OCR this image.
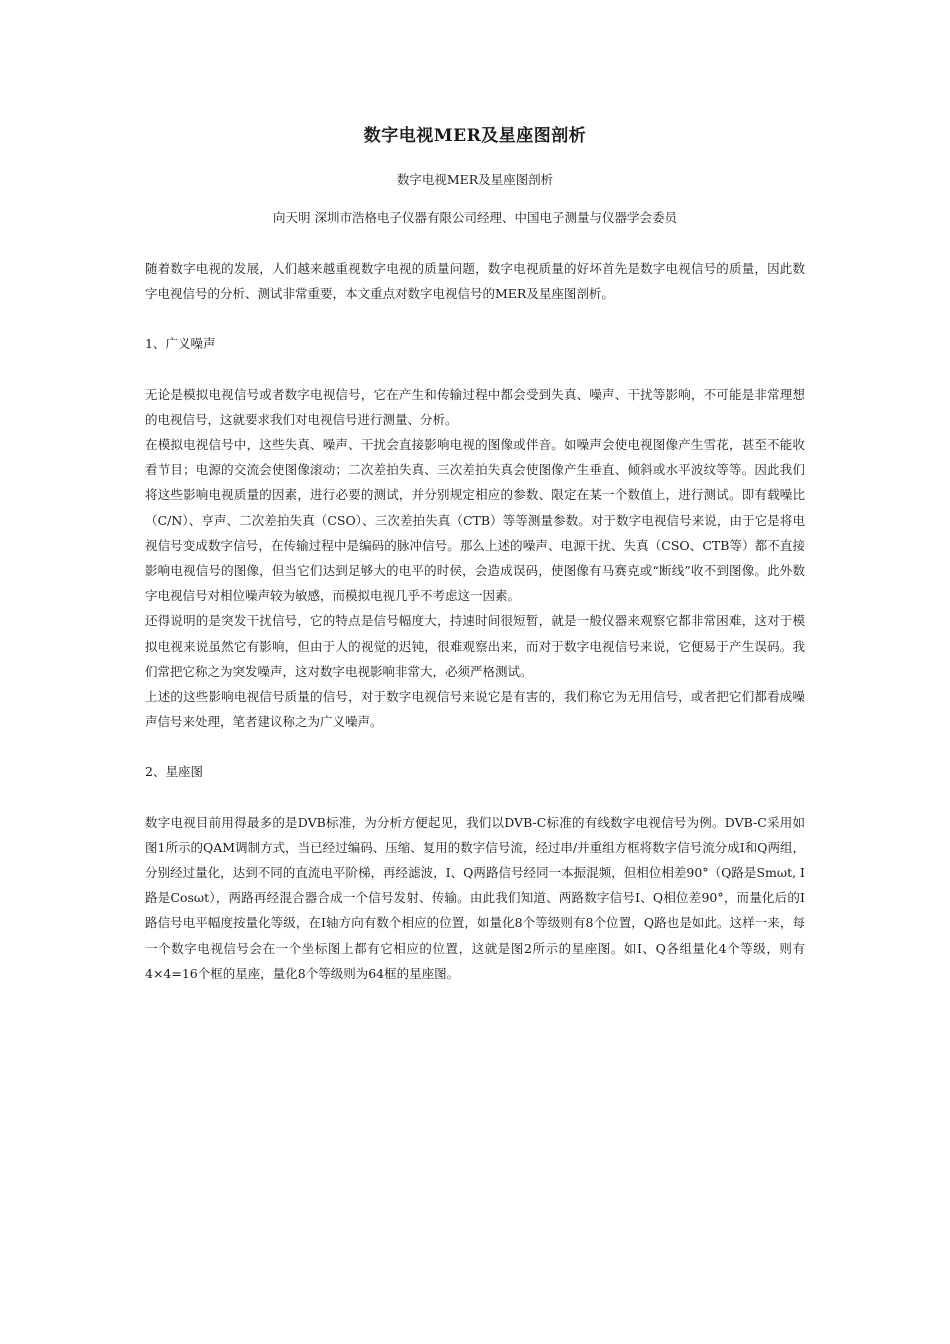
数字电视MER及星座图剖析

数字电视MER及星座图剖析

向天明 深圳市浩格电子仪器有限公司经理、中国电子测量与仪器学会委员

随着数字电视的发展，人们越来越重视数字电视的质量问题，数字电视质量的好坏首先是数字电视信号的质量，因此数字电视信号的分析、测试非常重要，本文重点对数字电视信号的MER及星座图剖析。

1、广义噪声

无论是模拟电视信号或者数字电视信号，它在产生和传输过程中都会受到失真、噪声、干扰等影响，不可能是非常理想的电视信号，这就要求我们对电视信号进行测量、分析。

在模拟电视信号中，这些失真、噪声、干扰会直接影响电视的图像或伴音。如噪声会使电视图像产生雪花，甚至不能收看节目；电源的交流会使图像滚动；二次差拍失真、三次差拍失真会使图像产生垂直、倾斜或水平波纹等等。因此我们将这些影响电视质量的因素，进行必要的测试，并分别规定相应的参数、限定在某一个数值上，进行测试。即有载噪比（C/N）、亨声、二次差拍失真（CSO）、三次差拍失真（CTB）等等测量参数。对于数字电视信号来说，由于它是将电视信号变成数字信号，在传输过程中是编码的脉冲信号。那么上述的噪声、电源干扰、失真（CSO、CTB等）都不直接影响电视信号的图像，但当它们达到足够大的电平的时侯，会造成误码，使图像有马赛克或“断线”收不到图像。此外数字电视信号对相位噪声较为敏感，而模拟电视几乎不考虑这一因素。

还得说明的是突发干扰信号，它的特点是信号幅度大，持速时间很短暂，就是一般仪器来观察它都非常困难，这对于模拟电视来说虽然它有影响，但由于人的视觉的迟钝，很难观察出来，而对于数字电视信号来说，它便易于产生误码。我们常把它称之为突发噪声，这对数字电视影响非常大，必须严格测试。

上述的这些影响电视信号质量的信号，对于数字电视信号来说它是有害的，我们称它为无用信号，或者把它们都看成噪声信号来处理，笔者建议称之为广义噪声。

2、星座图

数字电视目前用得最多的是DVB标准，为分析方便起见，我们以DVB-C标准的有线数字电视信号为例。DVB-C采用如图1所示的QAM调制方式，当已经过编码、压缩、复用的数字信号流，经过串/并重组方框将数字信号流分成I和Q两组，分别经过量化，达到不同的直流电平阶梯，再经滤波，I、Q两路信号经同一本振混频，但相位相差90°（Q路是Smωt, I路是Cosωt），两路再经混合器合成一个信号发射、传输。由此我们知道、两路数字信号I、Q相位差90°，而量化后的I路信号电平幅度按量化等级，在I轴方向有数个相应的位置，如量化8个等级则有8个位置，Q路也是如此。这样一来，每一个数字电视信号会在一个坐标图上都有它相应的位置，这就是图2所示的星座图。如I、Q各组量化4个等级，则有4×4=16个框的星座，量化8个等级则为64框的星座图。
